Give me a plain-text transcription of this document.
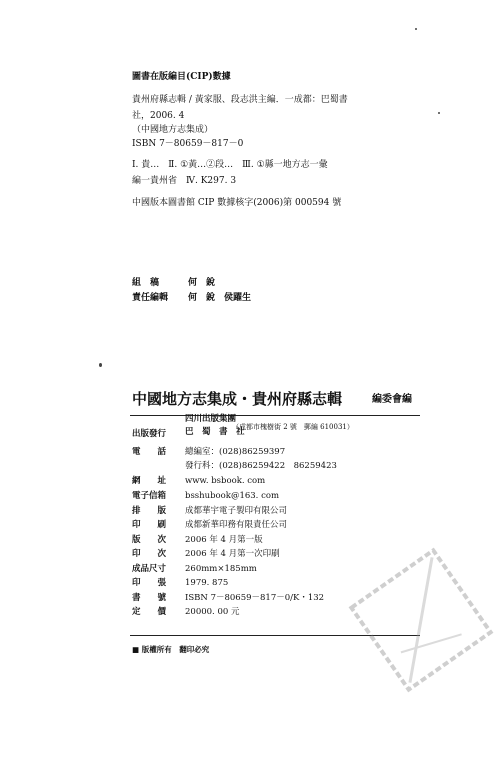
圖書在版編目(CIP)數據
貴州府縣志輯 / 黃家服、段志洪主編．一成都：巴蜀書
社，2006. 4
（中國地方志集成）
ISBN 7－80659－817－0
Ⅰ. 貴…　Ⅱ. ①黃…②段…　Ⅲ. ①縣一地方志一彙
編一貴州省　Ⅳ. K297. 3
中國版本圖書館 CIP 數據核字(2006)第 000594 號
組　稿	何　銳
責任編輯 何　銳　侯躍生
中國地方志集成・貴州府縣志輯	編委會編
出版發行
四川出版集團
巴　蜀　書　社
（成都市槐樹街 2 號　郵編 610031）
電　　話 總編室：(028)86259397
發行科：(028)86259422　86259423
網　　址 www. bsbook. com
電子信箱 bsshubook@163. com
排　　版 成都華宇電子製印有限公司
印　　刷 成都新華印務有限責任公司
版　　次 2006 年 4 月第一版
印　　次 2006 年 4 月第一次印刷
成品尺寸 260mm×185mm
印　　張 1979. 875
書　　號 ISBN 7－80659－817－0/K・132
定　　價 20000. 00 元
■ 版權所有　翻印必究
